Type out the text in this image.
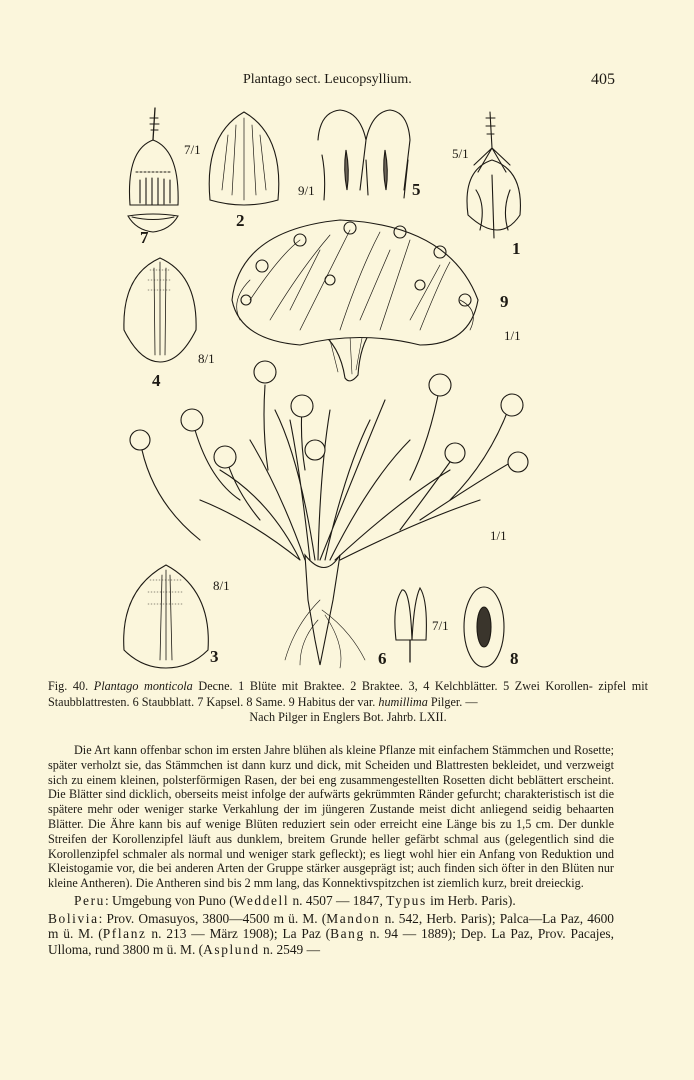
Plantago sect. Leucopsyllium.	405
7
7/1
2
9/1	5
5/1
1
9
1/1
4
8/1
1/1
3
8/1
6
7/1
8
Fig. 40. Plantago monticola Decne. 1 Blüte mit Braktee. 2 Braktee. 3, 4 Kelchblätter. 5 Zwei Korollen- zipfel mit Staubblattresten. 6 Staubblatt. 7 Kapsel. 8 Same. 9 Habitus der var. humillima Pilger. —
Nach Pilger in Englers Bot. Jahrb. LXII.

Die Art kann offenbar schon im ersten Jahre blühen als kleine Pflanze mit einfachem Stämmchen und Rosette; später verholzt sie, das Stämmchen ist dann kurz und dick, mit Scheiden und Blattresten bekleidet, und verzweigt sich zu einem kleinen, polsterförmigen Rasen, der bei eng zusammengestellten Rosetten dicht beblättert erscheint. Die Blätter sind dicklich, oberseits meist infolge der aufwärts gekrümmten Ränder gefurcht; charakteristisch ist die spätere mehr oder weniger starke Verkahlung der im jüngeren Zustande meist dicht anliegend seidig behaarten Blätter. Die Ähre kann bis auf wenige Blüten reduziert sein oder erreicht eine Länge bis zu 1,5 cm. Der dunkle Streifen der Korollenzipfel läuft aus dunklem, breitem Grunde heller gefärbt schmal aus (gelegentlich sind die Korollenzipfel schmaler als normal und weniger stark gefleckt); es liegt wohl hier ein Anfang von Reduktion und Kleistogamie vor, die bei anderen Arten der Gruppe stärker ausgeprägt ist; auch finden sich öfter in den Blüten nur kleine Antheren). Die Antheren sind bis 2 mm lang, das Konnektivspitzchen ist ziemlich kurz, breit dreieckig.

Peru: Umgebung von Puno (Weddell n. 4507 — 1847, Typus im Herb. Paris).

Bolivia: Prov. Omasuyos, 3800—4500 m ü. M. (Mandon n. 542, Herb. Paris); Palca—La Paz, 4600 m ü. M. (Pflanz n. 213 — März 1908); La Paz (Bang n. 94 — 1889); Dep. La Paz, Prov. Pacajes, Ulloma, rund 3800 m ü. M. (Asplund n. 2549 —
